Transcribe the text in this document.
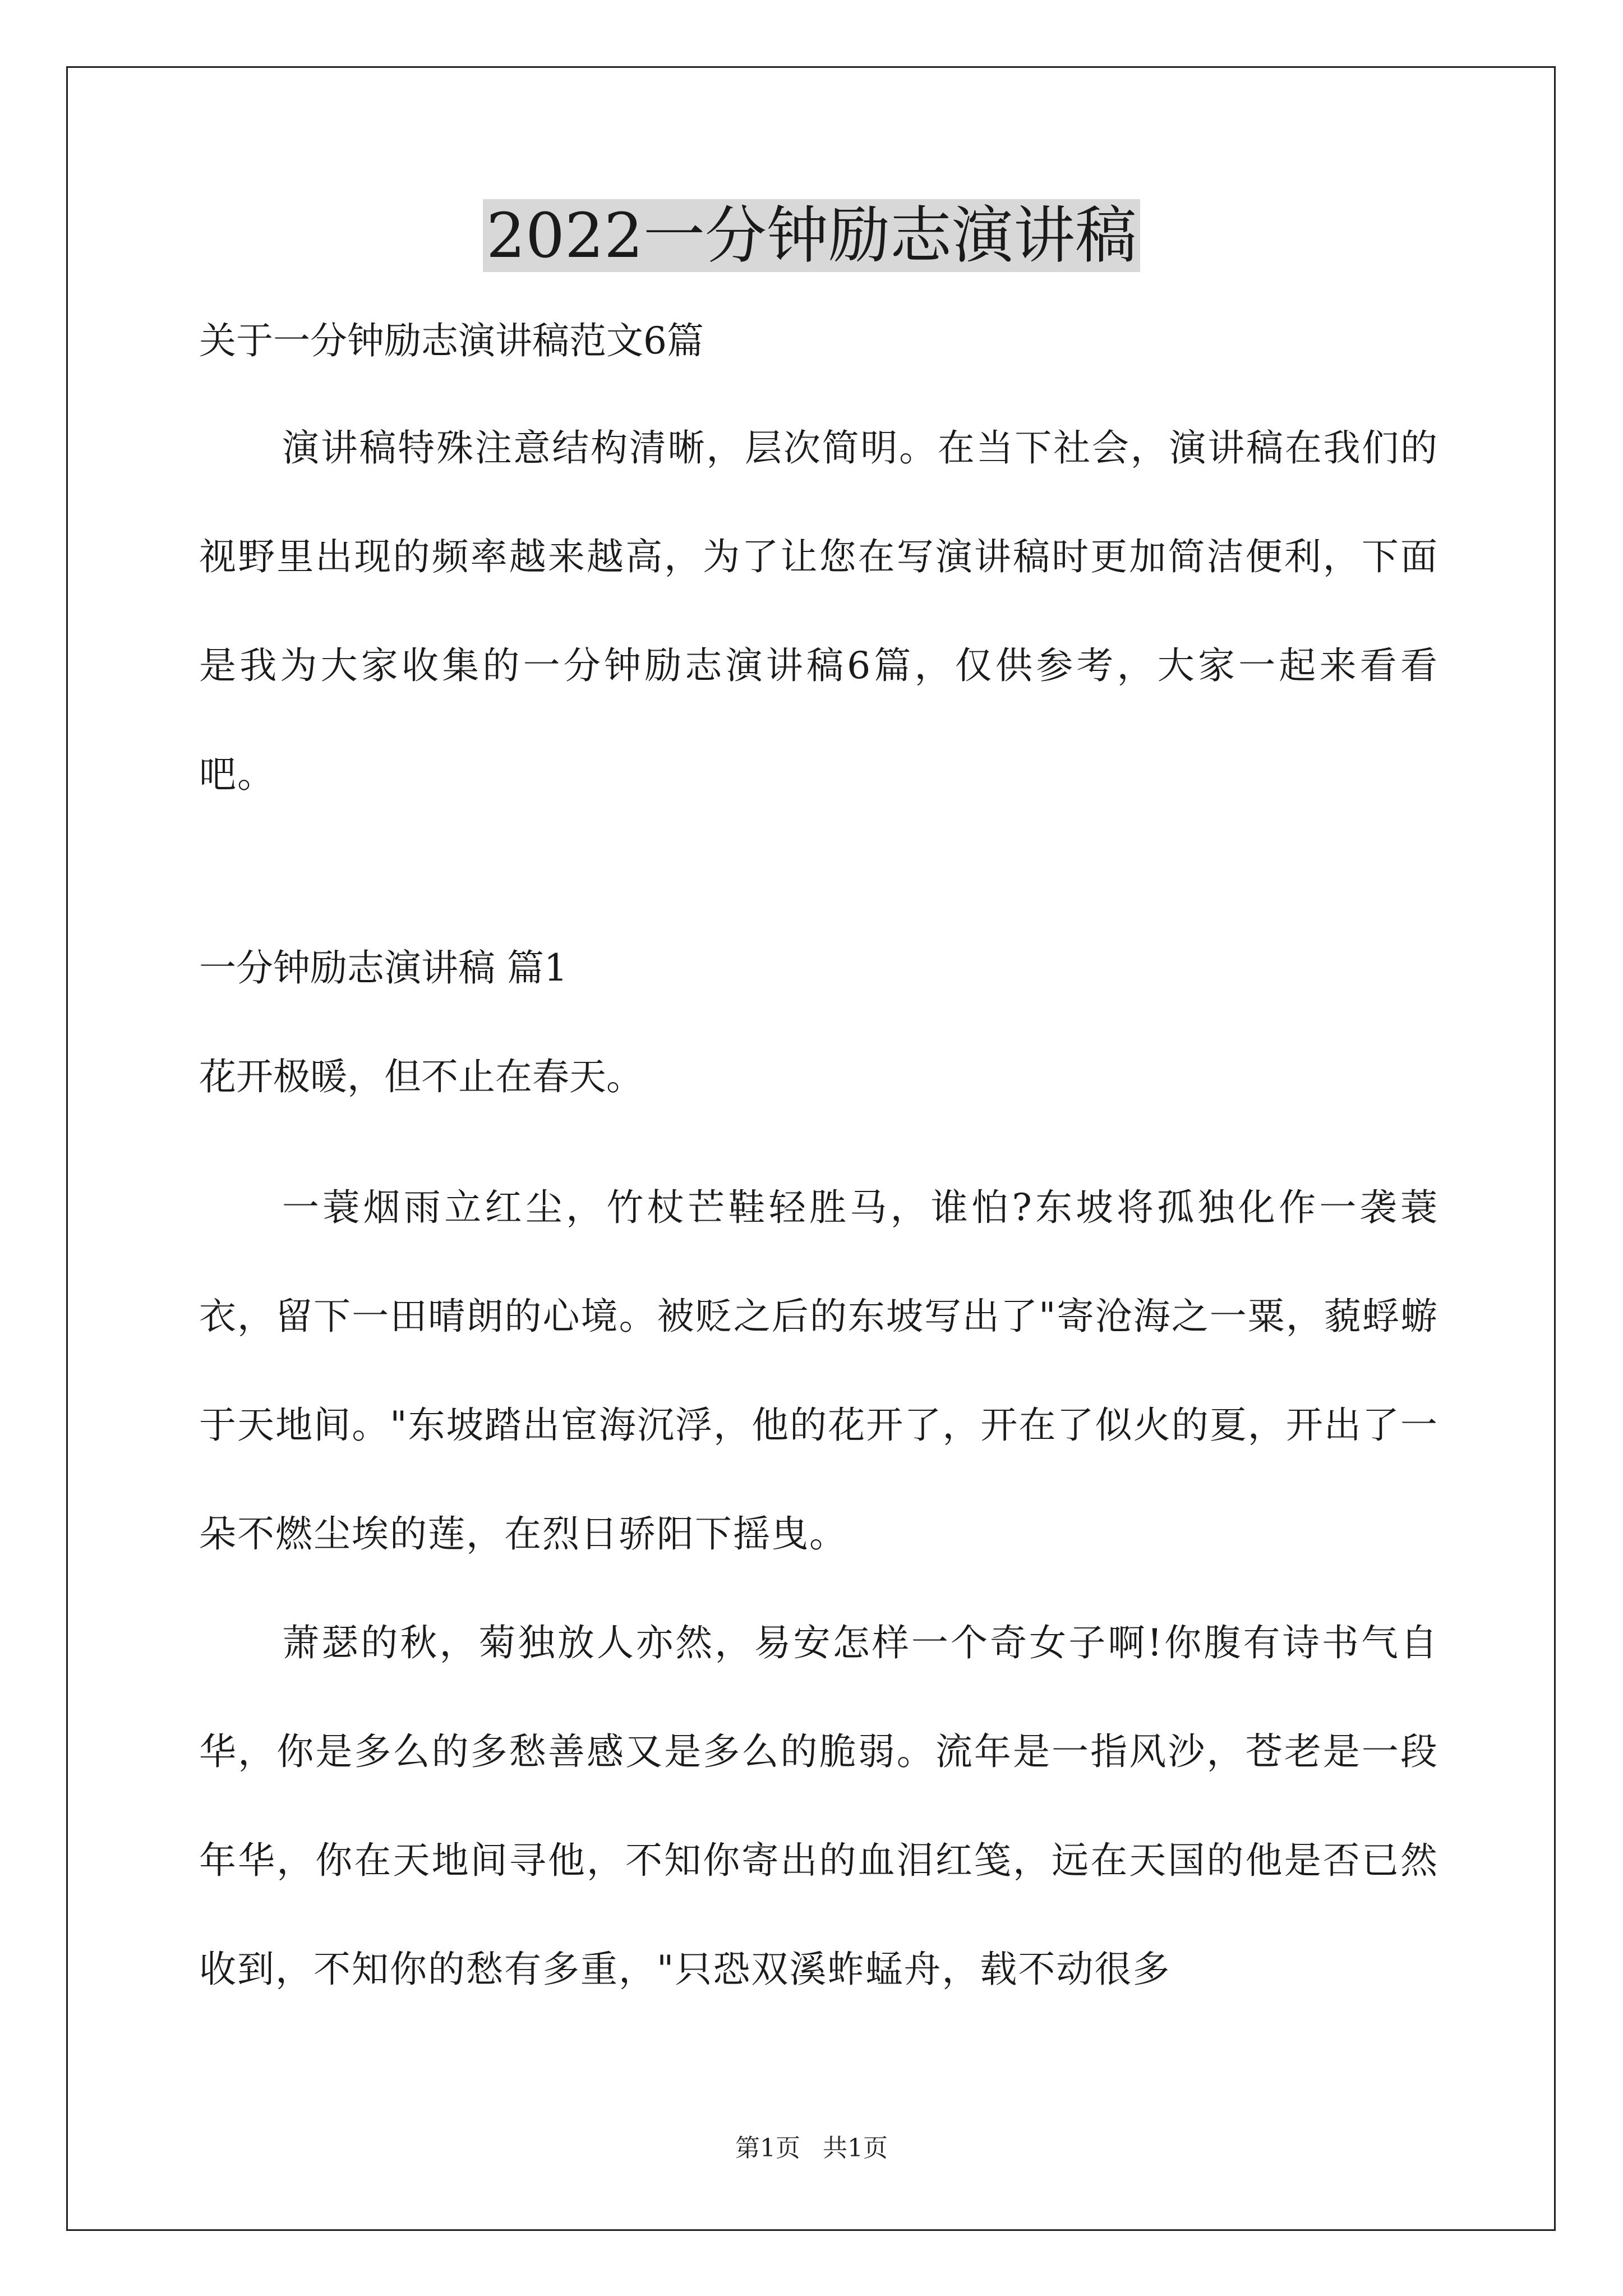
2022一分钟励志演讲稿

关于一分钟励志演讲稿范文6篇

演讲稿特殊注意结构清晰，层次简明。在当下社会，演讲稿在我们的视野里出现的频率越来越高，为了让您在写演讲稿时更加简洁便利，下面是我为大家收集的一分钟励志演讲稿6篇，仅供参考，大家一起来看看吧。

一分钟励志演讲稿 篇1

花开极暖，但不止在春天。

一蓑烟雨立红尘，竹杖芒鞋轻胜马，谁怕?东坡将孤独化作一袭蓑衣，留下一田晴朗的心境。被贬之后的东坡写出了"寄沧海之一粟，藐蜉蝣于天地间。"东坡踏出宦海沉浮，他的花开了，开在了似火的夏，开出了一朵不燃尘埃的莲，在烈日骄阳下摇曳。

萧瑟的秋，菊独放人亦然，易安怎样一个奇女子啊!你腹有诗书气自华，你是多么的多愁善感又是多么的脆弱。流年是一指风沙，苍老是一段年华，你在天地间寻他，不知你寄出的血泪红笺，远在天国的他是否已然收到，不知你的愁有多重，"只恐双溪蚱蜢舟，载不动很多

第1页 共1页
